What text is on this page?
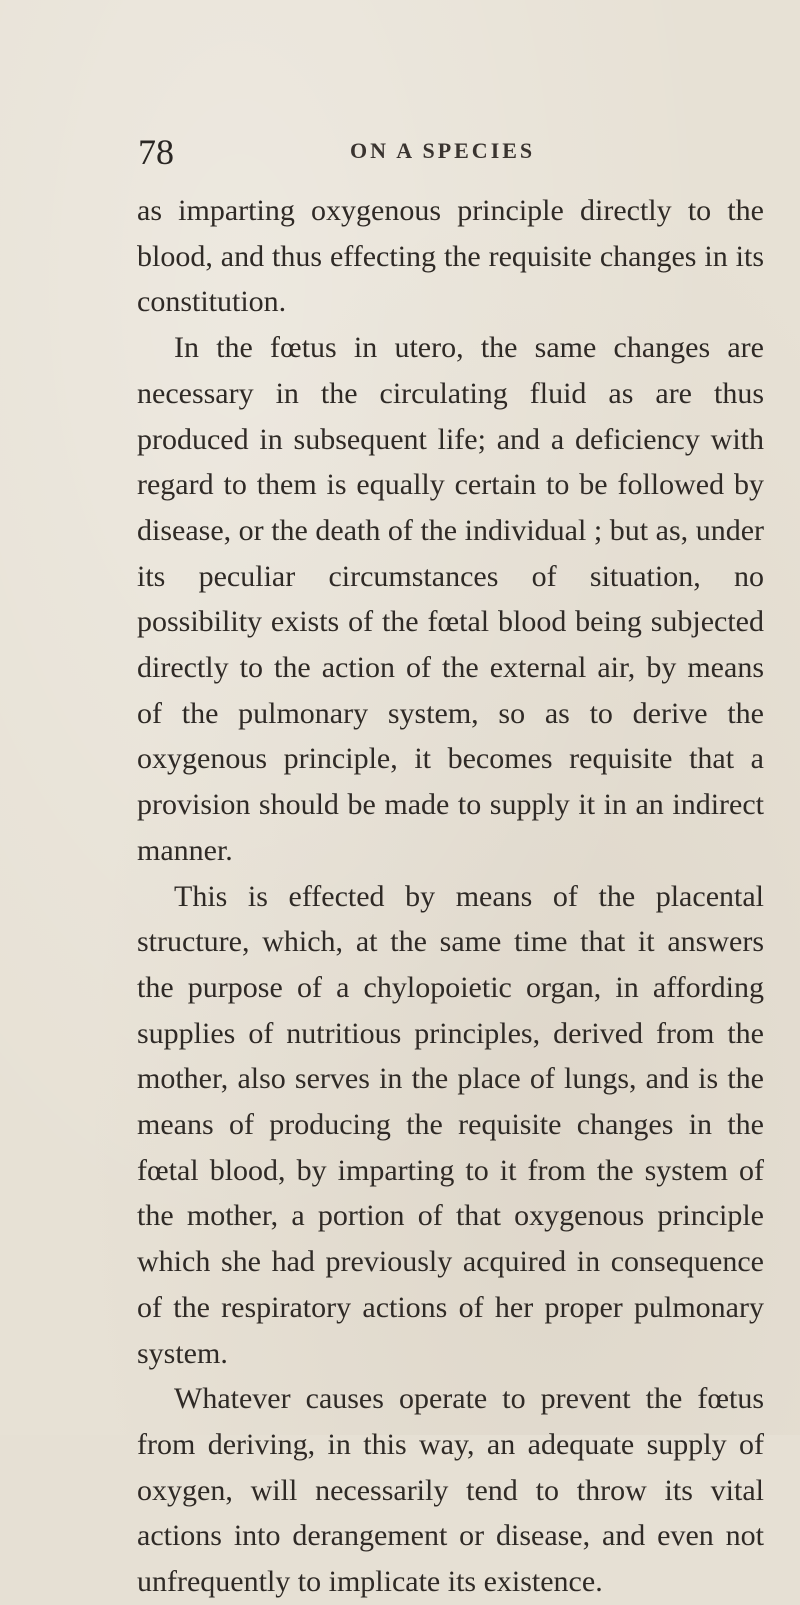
78	ON A SPECIES

as imparting oxygenous principle directly to the blood, and thus effecting the requisite changes in its constitution.

In the fœtus in utero, the same changes are necessary in the circulating fluid as are thus produced in subsequent life; and a deficiency with regard to them is equally certain to be followed by disease, or the death of the individual ; but as, under its peculiar circumstances of situation, no possibility exists of the fœtal blood being subjected directly to the action of the external air, by means of the pulmonary system, so as to derive the oxygenous principle, it becomes requisite that a provision should be made to supply it in an indirect manner.

This is effected by means of the placental structure, which, at the same time that it answers the purpose of a chylopoietic organ, in affording supplies of nutritious principles, derived from the mother, also serves in the place of lungs, and is the means of producing the requisite changes in the fœtal blood, by imparting to it from the system of the mother, a portion of that oxygenous principle which she had previously acquired in consequence of the respiratory actions of her proper pulmonary system.

Whatever causes operate to prevent the fœtus from deriving, in this way, an adequate supply of oxygen, will necessarily tend to throw its vital actions into derangement or disease, and even not unfrequently to implicate its existence.
